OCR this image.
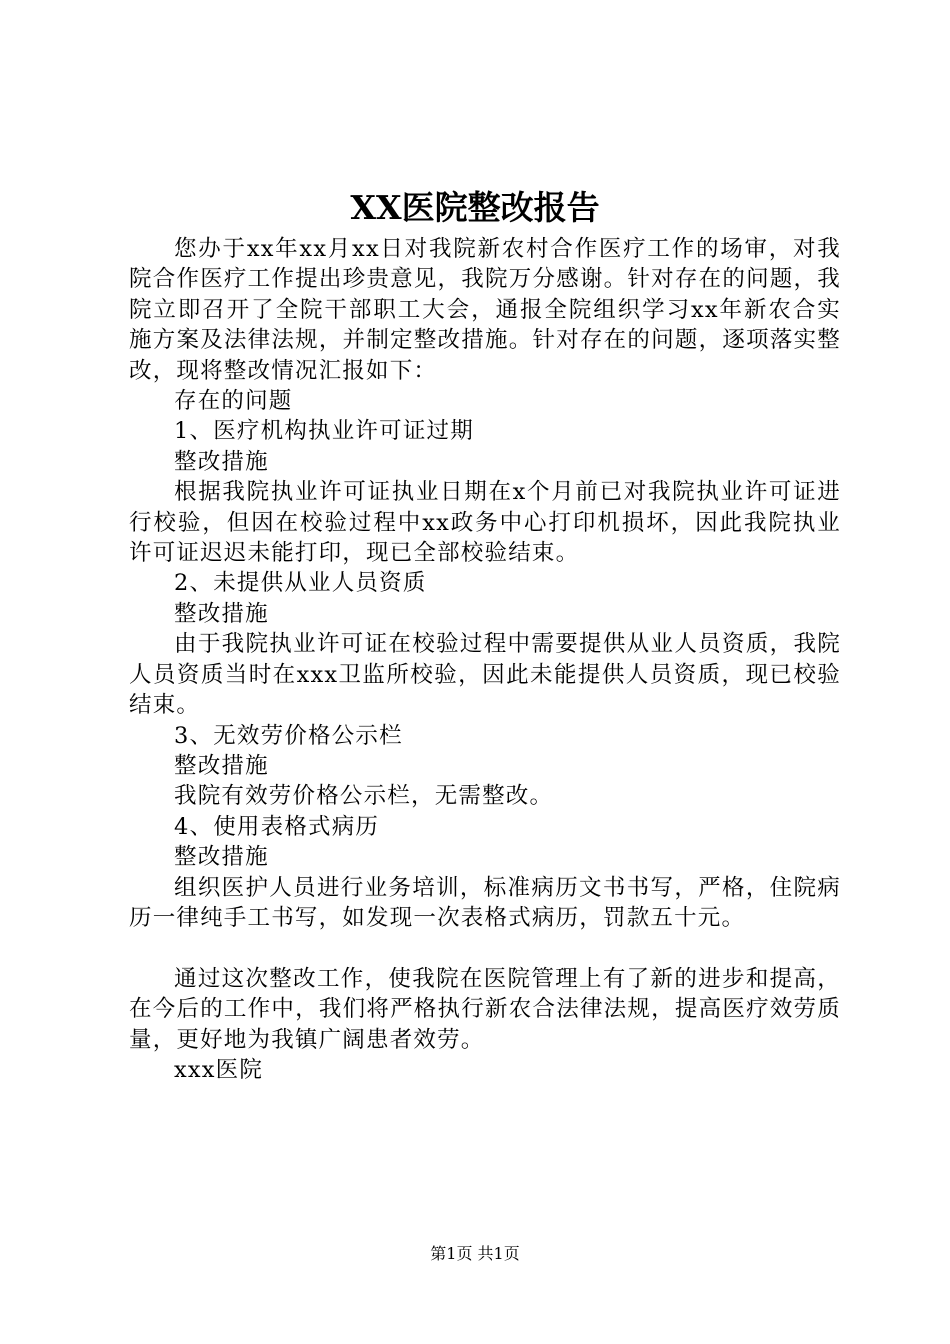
XX医院整改报告

您办于xx年xx月xx日对我院新农村合作医疗工作的场审，对我院合作医疗工作提出珍贵意见，我院万分感谢。针对存在的问题，我院立即召开了全院干部职工大会，通报全院组织学习xx年新农合实施方案及法律法规，并制定整改措施。针对存在的问题，逐项落实整改，现将整改情况汇报如下：

存在的问题

1、医疗机构执业许可证过期

整改措施

根据我院执业许可证执业日期在x个月前已对我院执业许可证进行校验，但因在校验过程中xx政务中心打印机损坏，因此我院执业许可证迟迟未能打印，现已全部校验结束。

2、未提供从业人员资质

整改措施

由于我院执业许可证在校验过程中需要提供从业人员资质，我院人员资质当时在xxx卫监所校验，因此未能提供人员资质，现已校验结束。

3、无效劳价格公示栏

整改措施

我院有效劳价格公示栏，无需整改。

4、使用表格式病历

整改措施

组织医护人员进行业务培训，标准病历文书书写，严格，住院病历一律纯手工书写，如发现一次表格式病历，罚款五十元。

通过这次整改工作，使我院在医院管理上有了新的进步和提高，在今后的工作中，我们将严格执行新农合法律法规，提高医疗效劳质量，更好地为我镇广阔患者效劳。

xxx医院

第1页 共1页
